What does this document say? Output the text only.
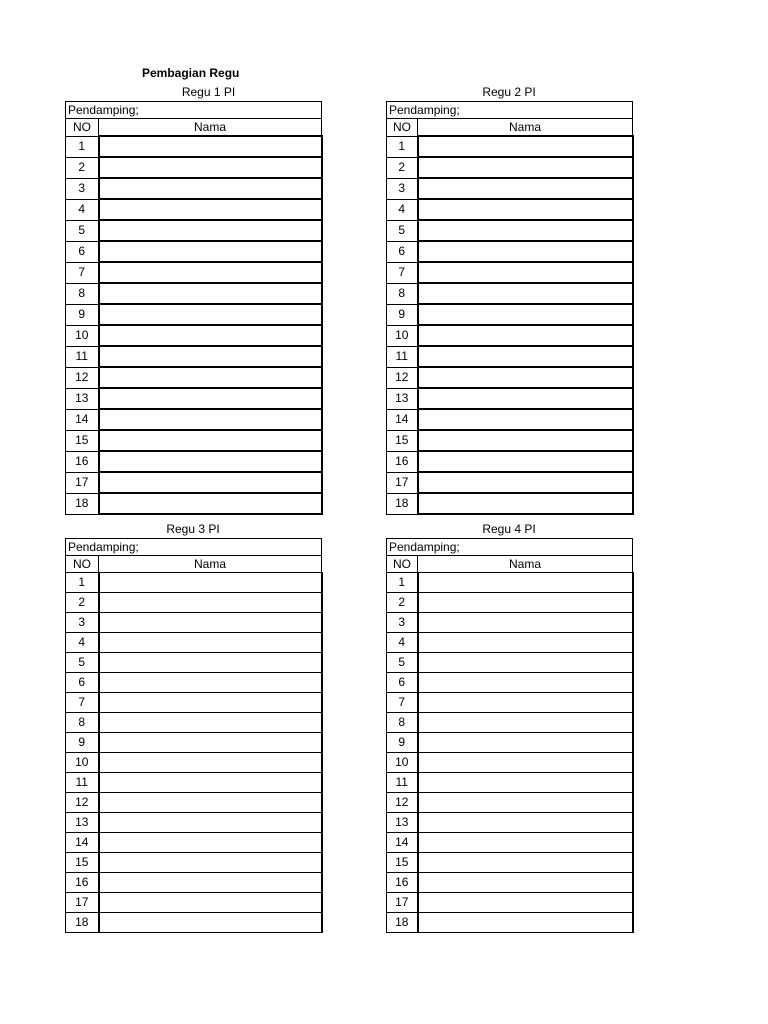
Pembagian Regu
Regu 1 PI
Pendamping;	
NO	Nama
1	
2	
3	
4	
5	
6	
7	
8	
9	
10	
11	
12	
13	
14	
15	
16	
17	
18	
Regu 2 PI
Pendamping;	
NO	Nama
1	
2	
3	
4	
5	
6	
7	
8	
9	
10	
11	
12	
13	
14	
15	
16	
17	
18	
Regu 3 PI
Pendamping;	
NO	Nama
1	
2	
3	
4	
5	
6	
7	
8	
9	
10	
11	
12	
13	
14	
15	
16	
17	
18	
Regu 4 PI
Pendamping;	
NO	Nama
1	
2	
3	
4	
5	
6	
7	
8	
9	
10	
11	
12	
13	
14	
15	
16	
17	
18	
